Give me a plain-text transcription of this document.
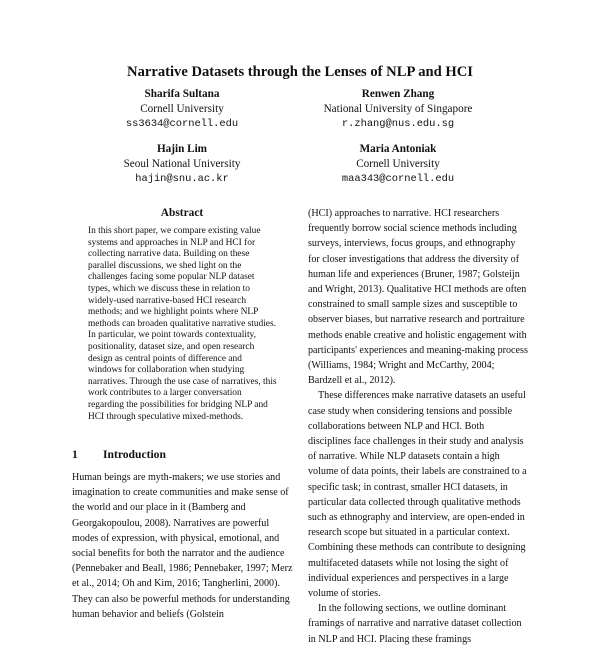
Narrative Datasets through the Lenses of NLP and HCI
Sharifa Sultana
Cornell University
ss3634@cornell.edu
Renwen Zhang
National University of Singapore
r.zhang@nus.edu.sg
Hajin Lim
Seoul National University
hajin@snu.ac.kr
Maria Antoniak
Cornell University
maa343@cornell.edu
Abstract

In this short paper, we compare existing value systems and approaches in NLP and HCI for collecting narrative data. Building on these parallel discussions, we shed light on the challenges facing some popular NLP dataset types, which we discuss these in relation to widely-used narrative-based HCI research methods; and we highlight points where NLP methods can broaden qualitative narrative studies. In particular, we point towards contextuality, positionality, dataset size, and open research design as central points of difference and windows for collaboration when studying narratives. Through the use case of narratives, this work contributes to a larger conversation regarding the possibilities for bridging NLP and HCI through speculative mixed-methods.

1 Introduction

Human beings are myth-makers; we use stories and imagination to create communities and make sense of the world and our place in it (Bamberg and Georgakopoulou, 2008). Narratives are powerful modes of expression, with physical, emotional, and social benefits for both the narrator and the audience (Pennebaker and Beall, 1986; Pennebaker, 1997; Merz et al., 2014; Oh and Kim, 2016; Tangherlini, 2000). They can also be powerful methods for understanding human behavior and beliefs (Golstein

(HCI) approaches to narrative. HCI researchers frequently borrow social science methods including surveys, interviews, focus groups, and ethnography for closer investigations that address the diversity of human life and experiences (Bruner, 1987; Golsteijn and Wright, 2013). Qualitative HCI methods are often constrained to small sample sizes and susceptible to observer biases, but narrative research and portraiture methods enable creative and holistic engagement with participants' experiences and meaning-making process (Williams, 1984; Wright and McCarthy, 2004; Bardzell et al., 2012).

These differences make narrative datasets an useful case study when considering tensions and possible collaborations between NLP and HCI. Both disciplines face challenges in their study and analysis of narrative. While NLP datasets contain a high volume of data points, their labels are constrained to a specific task; in contrast, smaller HCI datasets, in particular data collected through qualitative methods such as ethnography and interview, are open-ended in research scope but situated in a particular context. Combining these methods can contribute to designing multifaceted datasets while not losing the sight of individual experiences and perspectives in a large volume of stories.

In the following sections, we outline dominant framings of narrative and narrative dataset collection in NLP and HCI. Placing these framings
